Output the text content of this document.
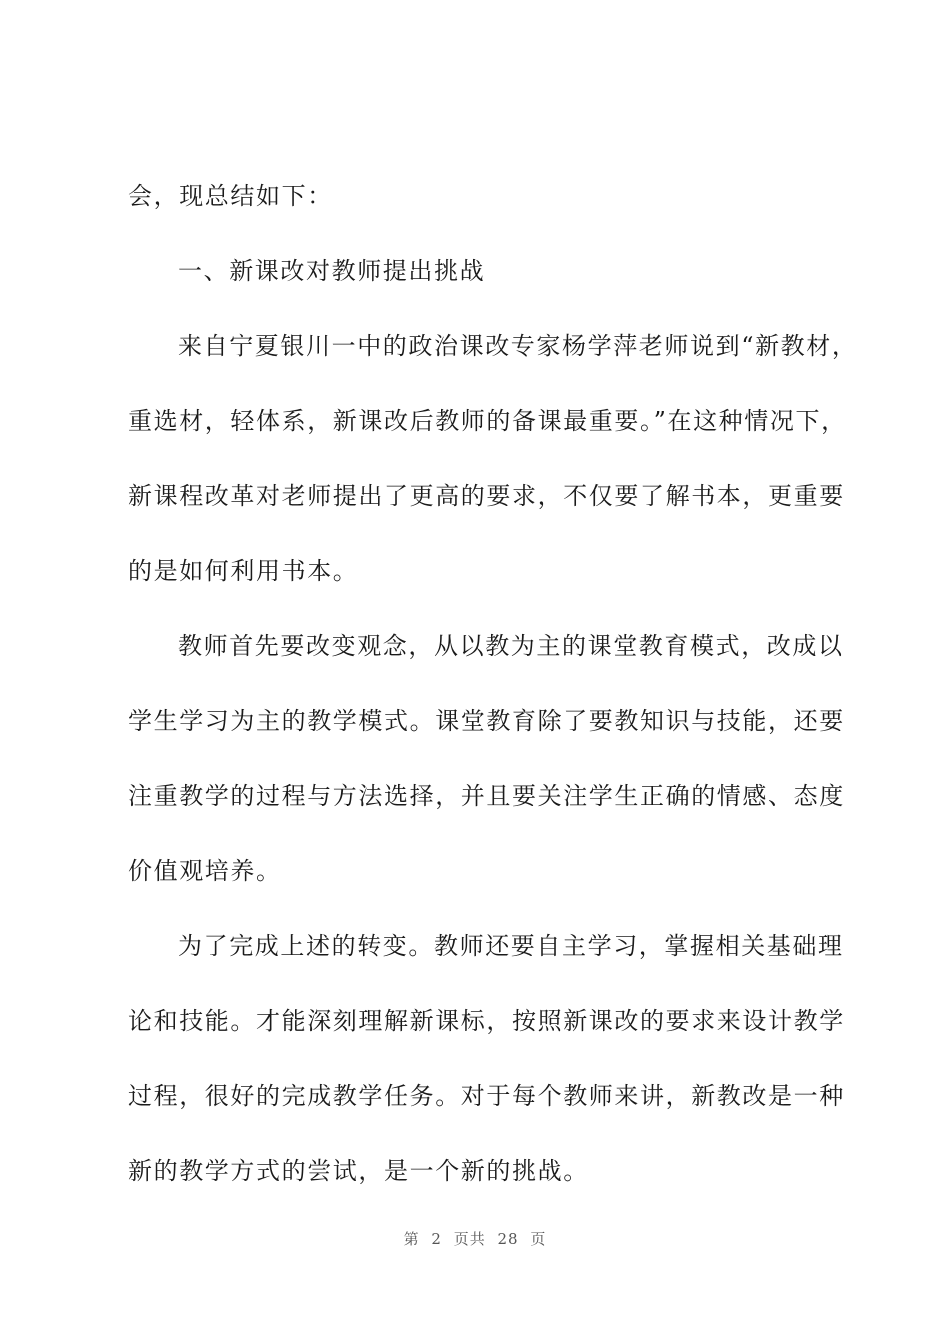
会，现总结如下：
一、新课改对教师提出挑战
来自宁夏银川一中的政治课改专家杨学萍老师说到“新教材，
重选材，轻体系，新课改后教师的备课最重要。”在这种情况下，
新课程改革对老师提出了更高的要求，不仅要了解书本，更重要
的是如何利用书本。
教师首先要改变观念，从以教为主的课堂教育模式，改成以
学生学习为主的教学模式。课堂教育除了要教知识与技能，还要
注重教学的过程与方法选择，并且要关注学生正确的情感、态度
价值观培养。
为了完成上述的转变。教师还要自主学习，掌握相关基础理
论和技能。才能深刻理解新课标，按照新课改的要求来设计教学
过程，很好的完成教学任务。对于每个教师来讲，新教改是一种
新的教学方式的尝试，是一个新的挑战。
第 2 页共 28 页
